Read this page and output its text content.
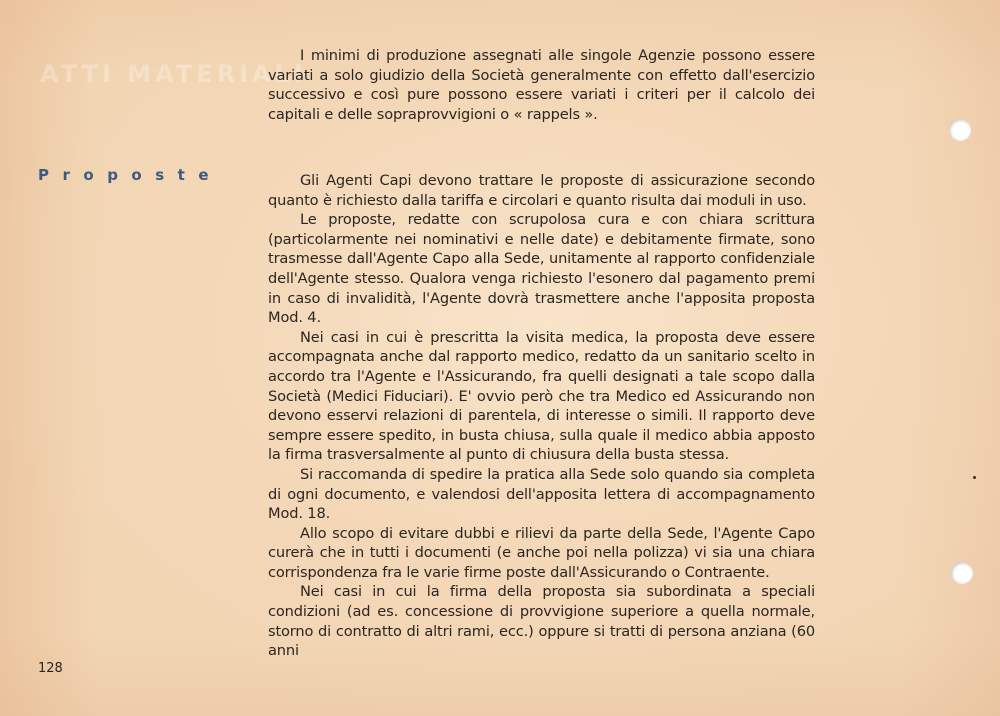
ATTI MATERIALI
Proposte

I minimi di produzione assegnati alle singole Agenzie possono essere variati a solo giudizio della Società generalmente con effetto dall'esercizio successivo e così pure possono essere variati i criteri per il calcolo dei capitali e delle sopraprovvigioni o « rappels ».

Gli Agenti Capi devono trattare le proposte di assicurazione secondo quanto è richiesto dalla tariffa e circolari e quanto risulta dai moduli in uso.

Le proposte, redatte con scrupolosa cura e con chiara scrittura (particolarmente nei nominativi e nelle date) e debitamente firmate, sono trasmesse dall'Agente Capo alla Sede, unitamente al rapporto confidenziale dell'Agente stesso. Qualora venga richiesto l'esonero dal pagamento premi in caso di invalidità, l'Agente dovrà trasmettere anche l'apposita proposta Mod. 4.

Nei casi in cui è prescritta la visita medica, la proposta deve essere accompagnata anche dal rapporto medico, redatto da un sanitario scelto in accordo tra l'Agente e l'Assicurando, fra quelli designati a tale scopo dalla Società (Medici Fiduciari). E' ovvio però che tra Medico ed Assicurando non devono esservi relazioni di parentela, di interesse o simili. Il rapporto deve sempre essere spedito, in busta chiusa, sulla quale il medico abbia apposto la firma trasversalmente al punto di chiusura della busta stessa.

Si raccomanda di spedire la pratica alla Sede solo quando sia completa di ogni documento, e valendosi dell'apposita lettera di accompagnamento Mod. 18.

Allo scopo di evitare dubbi e rilievi da parte della Sede, l'Agente Capo curerà che in tutti i documenti (e anche poi nella polizza) vi sia una chiara corrispondenza fra le varie firme poste dall'Assicurando o Contraente.

Nei casi in cui la firma della proposta sia subordinata a speciali condizioni (ad es. concessione di provvigione superiore a quella normale, storno di contratto di altri rami, ecc.) oppure si tratti di persona anziana (60 anni

128
